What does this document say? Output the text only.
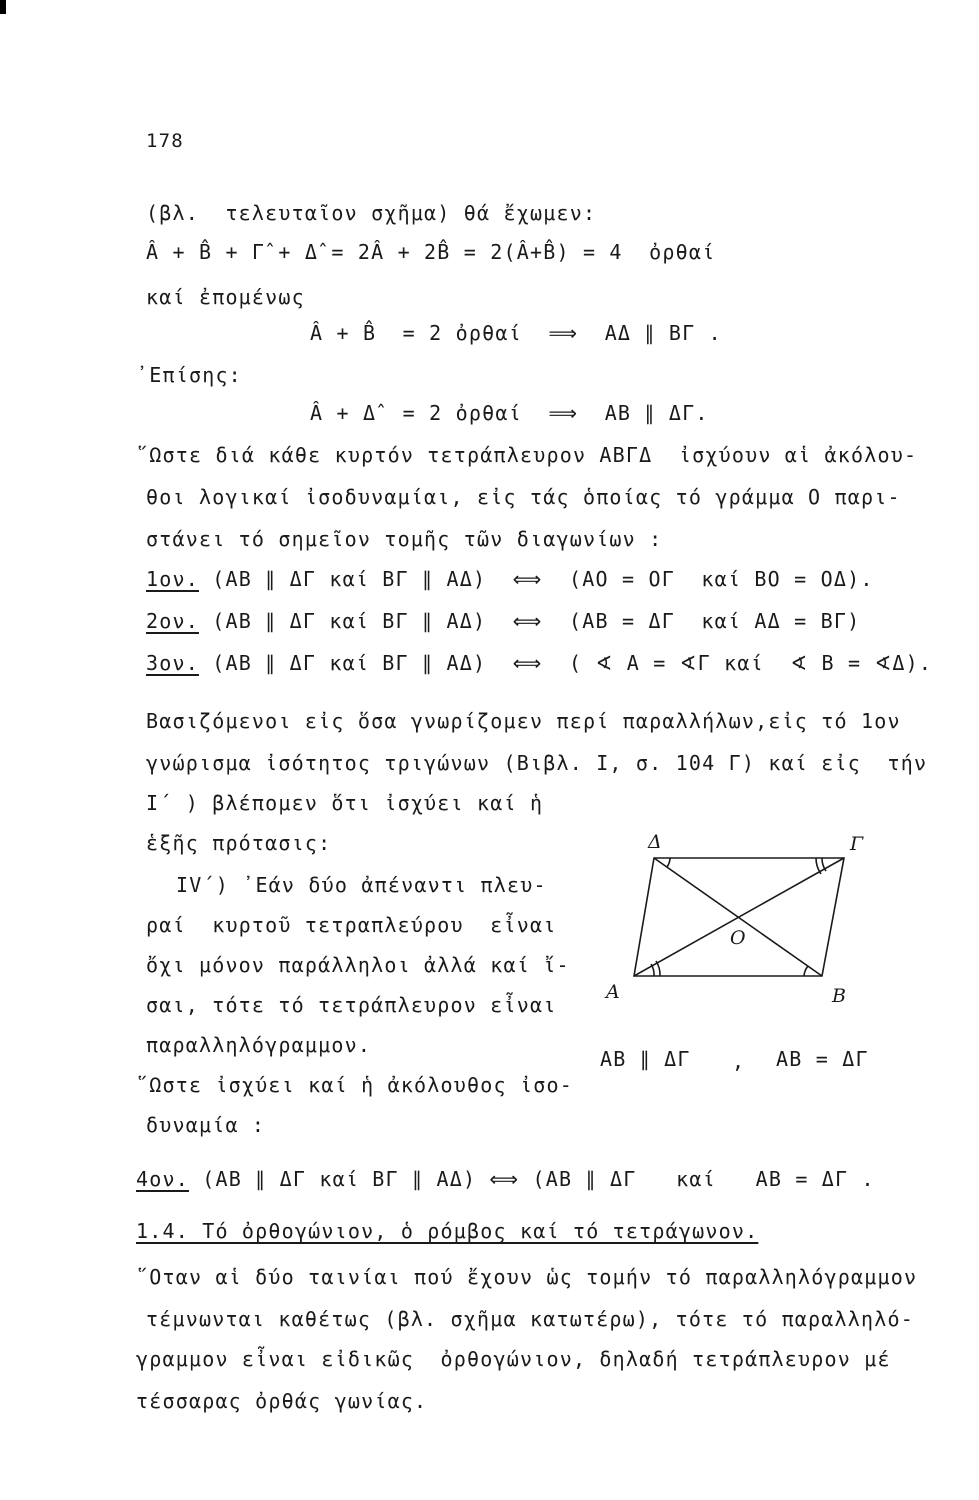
178
(βλ.  τελευταῖον σχῆμα) θά ἔχωμεν:
Â + B̂ + Γ̂ + Δ̂ = 2Â + 2B̂ = 2(Â+B̂) = 4  ὀρθαί
καί ἐπομένως
Â + B̂  = 2 ὀρθαί  ⟹  ΑΔ ∥ ΒΓ .
᾿Επίσης:
Â + Δ̂  = 2 ὀρθαί  ⟹  ΑΒ ∥ ΔΓ.
῞Ωστε διά κάθε κυρτόν τετράπλευρον ΑΒΓΔ  ἰσχύουν αἱ ἀκόλου-
θοι λογικαί ἰσοδυναμίαι, εἰς τάς ὁποίας τό γράμμα Ο παρι-
στάνει τό σημεῖον τομῆς τῶν διαγωνίων :
1ον. (ΑΒ ∥ ΔΓ καί ΒΓ ∥ ΑΔ)  ⟺  (ΑΟ = ΟΓ  καί ΒΟ = ΟΔ).
2ον. (ΑΒ ∥ ΔΓ καί ΒΓ ∥ ΑΔ)  ⟺  (ΑΒ = ΔΓ  καί ΑΔ = ΒΓ)
3ον. (ΑΒ ∥ ΔΓ καί ΒΓ ∥ ΑΔ)  ⟺  ( ∢ Α = ∢Γ καί  ∢ Β = ∢Δ).
Βασιζόμενοι εἰς ὅσα γνωρίζομεν περί παραλλήλων,εἰς τό 1ον
γνώρισμα ἰσότητος τριγώνων (Βιβλ. I, σ. 104 Γ) καί εἰς  τήν
I΄ ) βλέπομεν ὅτι ἰσχύει καί ἡ
ἑξῆς πρότασις:
IV΄) ᾿Εάν δύο ἀπέναντι πλευ-
ραί  κυρτοῦ τετραπλεύρου  εἶναι
ὄχι μόνον παράλληλοι ἀλλά καί ἴ-
σαι, τότε τό τετράπλευρον εἶναι
παραλληλόγραμμον.
῞Ωστε ἰσχύει καί ἡ ἀκόλουθος ἰσο-
δυναμία :
4ον. (ΑΒ ∥ ΔΓ καί ΒΓ ∥ ΑΔ) ⟺ (ΑΒ ∥ ΔΓ   καί   ΑΒ = ΔΓ .
1.4. Τό ὀρθογώνιον, ὁ ρόμβος καί τό τετράγωνον.
῞Οταν αἱ δύο ταινίαι πού ἔχουν ὡς τομήν τό παραλληλόγραμμον
τέμνωνται καθέτως (βλ. σχῆμα κατωτέρω), τότε τό παραλληλό-
γραμμον εἶναι εἰδικῶς  ὀρθογώνιον, δηλαδή τετράπλευρον μέ
τέσσαρας ὀρθάς γωνίας.
Δ	Γ
Α	Β
Ο
ΑΒ ∥ ΔΓ	,	ΑΒ = ΔΓ
